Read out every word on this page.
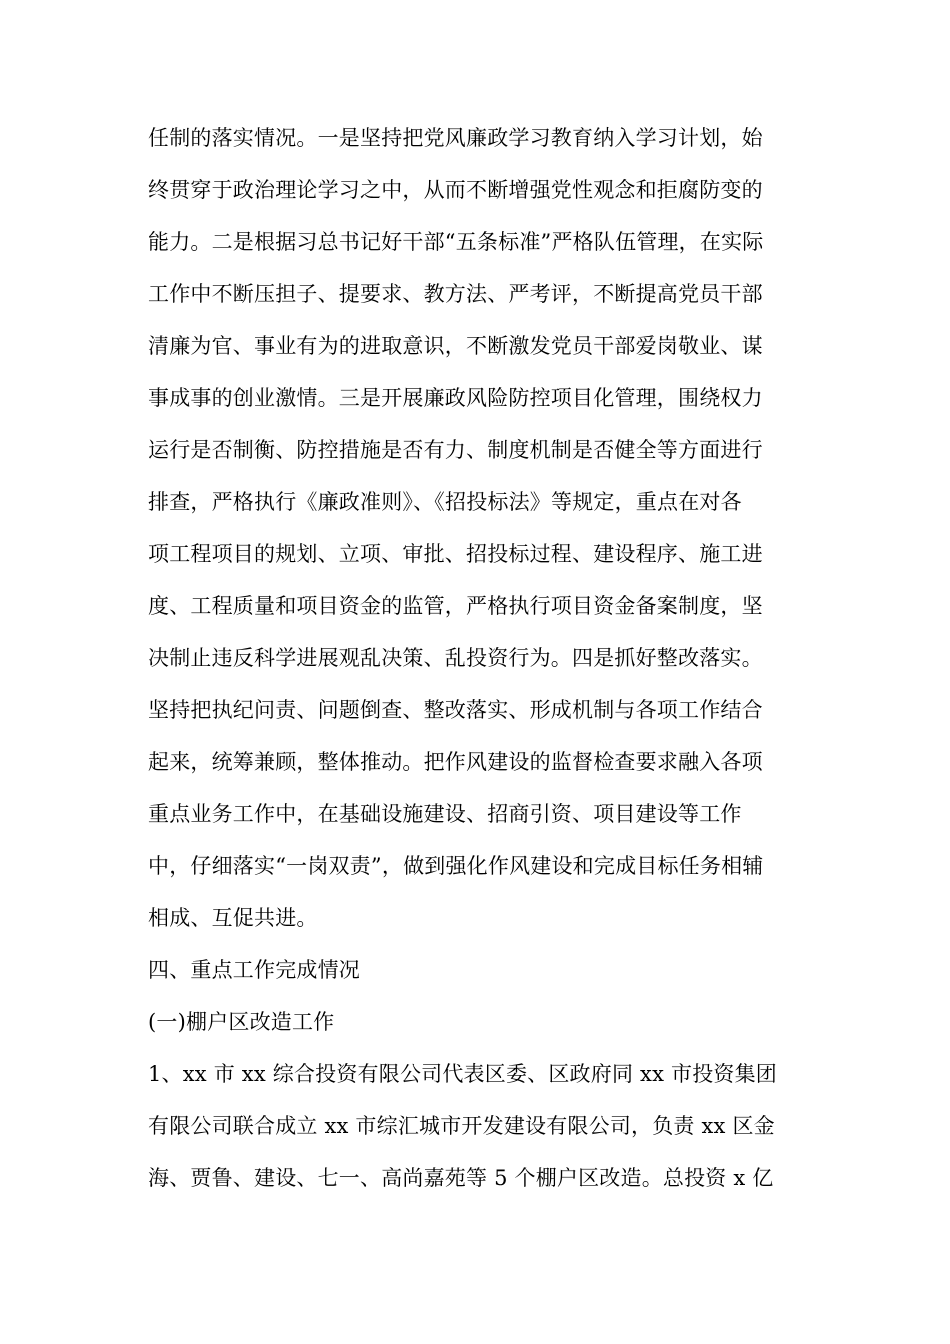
任制的落实情况。一是坚持把党风廉政学习教育纳入学习计划，始
终贯穿于政治理论学习之中，从而不断增强党性观念和拒腐防变的
能力。二是根据习总书记好干部“五条标准”严格队伍管理，在实际
工作中不断压担子、提要求、教方法、严考评，不断提高党员干部
清廉为官、事业有为的进取意识，不断激发党员干部爱岗敬业、谋
事成事的创业激情。三是开展廉政风险防控项目化管理，围绕权力
运行是否制衡、防控措施是否有力、制度机制是否健全等方面进行
排查，严格执行《廉政准则》、《招投标法》等规定，重点在对各
项工程项目的规划、立项、审批、招投标过程、建设程序、施工进
度、工程质量和项目资金的监管，严格执行项目资金备案制度，坚
决制止违反科学进展观乱决策、乱投资行为。四是抓好整改落实。
坚持把执纪问责、问题倒查、整改落实、形成机制与各项工作结合
起来，统筹兼顾，整体推动。把作风建设的监督检查要求融入各项
重点业务工作中，在基础设施建设、招商引资、项目建设等工作
中，仔细落实“一岗双责”，做到强化作风建设和完成目标任务相辅
相成、互促共进。
四、重点工作完成情况
(一)棚户区改造工作
1、xx 市 xx 综合投资有限公司代表区委、区政府同 xx 市投资集团
有限公司联合成立 xx 市综汇城市开发建设有限公司，负责 xx 区金
海、贾鲁、建设、七一、高尚嘉苑等 5 个棚户区改造。总投资 x 亿
